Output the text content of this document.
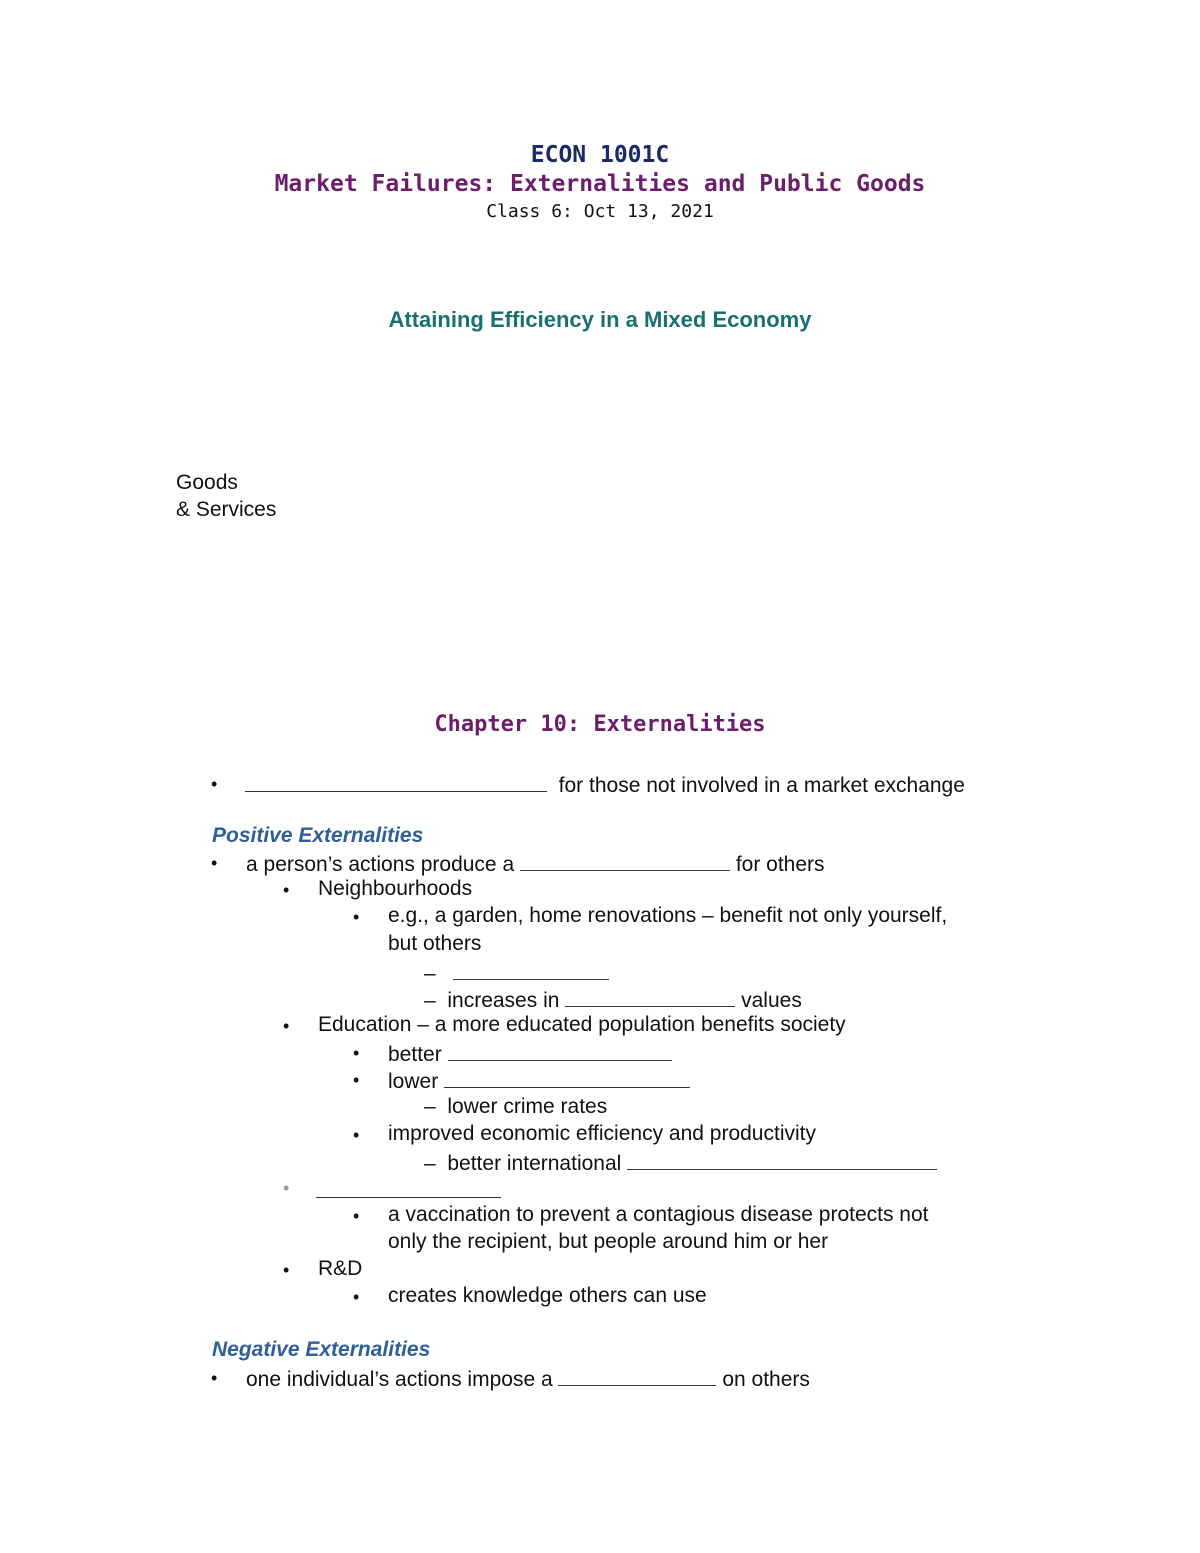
ECON 1001C
Market Failures: Externalities and Public Goods
Class 6: Oct 13, 2021
Attaining Efficiency in a Mixed Economy
Goods
& Services
Chapter 10: Externalities
•	for those not involved in a market exchange
Positive Externalities
• a person’s actions produce a	for others
• Neighbourhoods
• e.g., a garden, home renovations – benefit not only yourself,
but others
–
– increases in	values
• Education – a more educated population benefits society
• better
• lower
– lower crime rates
• improved economic efficiency and productivity
– better international
•
• a vaccination to prevent a contagious disease protects not
only the recipient, but people around him or her
• R&D
• creates knowledge others can use
Negative Externalities
• one individual’s actions impose a	on others
